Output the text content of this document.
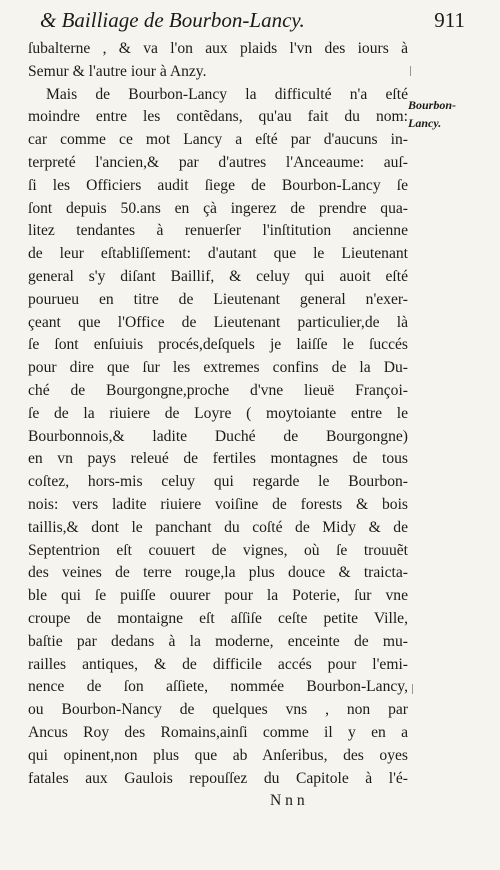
& Bailliage de Bourbon-Lancy.	911
Bourbon-
Lancy.
ſubalterne , & va l'on aux plaids l'vn des iours à
Semur & l'autre iour à Anzy.
Mais de Bourbon-Lancy la difficulté n'a eſté
moindre entre les contẽdans, qu'au fait du nom:
car comme ce mot Lancy a eſté par d'aucuns in-
terpreté l'ancien,& par d'autres l'Anceaume: auſ-
ſi les Officiers audit ſiege de Bourbon-Lancy ſe
ſont depuis 50.ans en çà ingerez de prendre qua-
litez tendantes à renuerſer l'inſtitution ancienne
de leur eſtabliſſement: d'autant que le Lieutenant
general s'y diſant Baillif, & celuy qui auoit eſté
pourueu en titre de Lieutenant general n'exer-
çeant que l'Office de Lieutenant particulier,de là
ſe ſont enſuiuis procés,deſquels je laiſſe le ſuccés
pour dire que ſur les extremes confins de la Du-
ché de Bourgongne,proche d'vne lieuë Françoi-
ſe de la riuiere de Loyre ( moytoiante entre le
Bourbonnois,& ladite Duché de Bourgongne)
en vn pays releué de fertiles montagnes de tous
coſtez, hors-mis celuy qui regarde le Bourbon-
nois: vers ladite riuiere voiſine de forests & bois
taillis,& dont le panchant du coſté de Midy & de
Septentrion eſt couuert de vignes, où ſe trouuẽt
des veines de terre rouge,la plus douce & traicta-
ble qui ſe puiſſe ouurer pour la Poterie, ſur vne
croupe de montaigne eſt aſſiſe ceſte petite Ville,
baſtie par dedans à la moderne, enceinte de mu-
railles antiques, & de difficile accés pour l'emi-
nence de ſon aſſiete, nommée Bourbon-Lancy,
ou Bourbon-Nancy de quelques vns , non par
Ancus Roy des Romains,ainſi comme il y en a
qui opinent,non plus que ab Anſeribus, des oyes
fatales aux Gaulois repouſſez du Capitole à l'é-
N n n
